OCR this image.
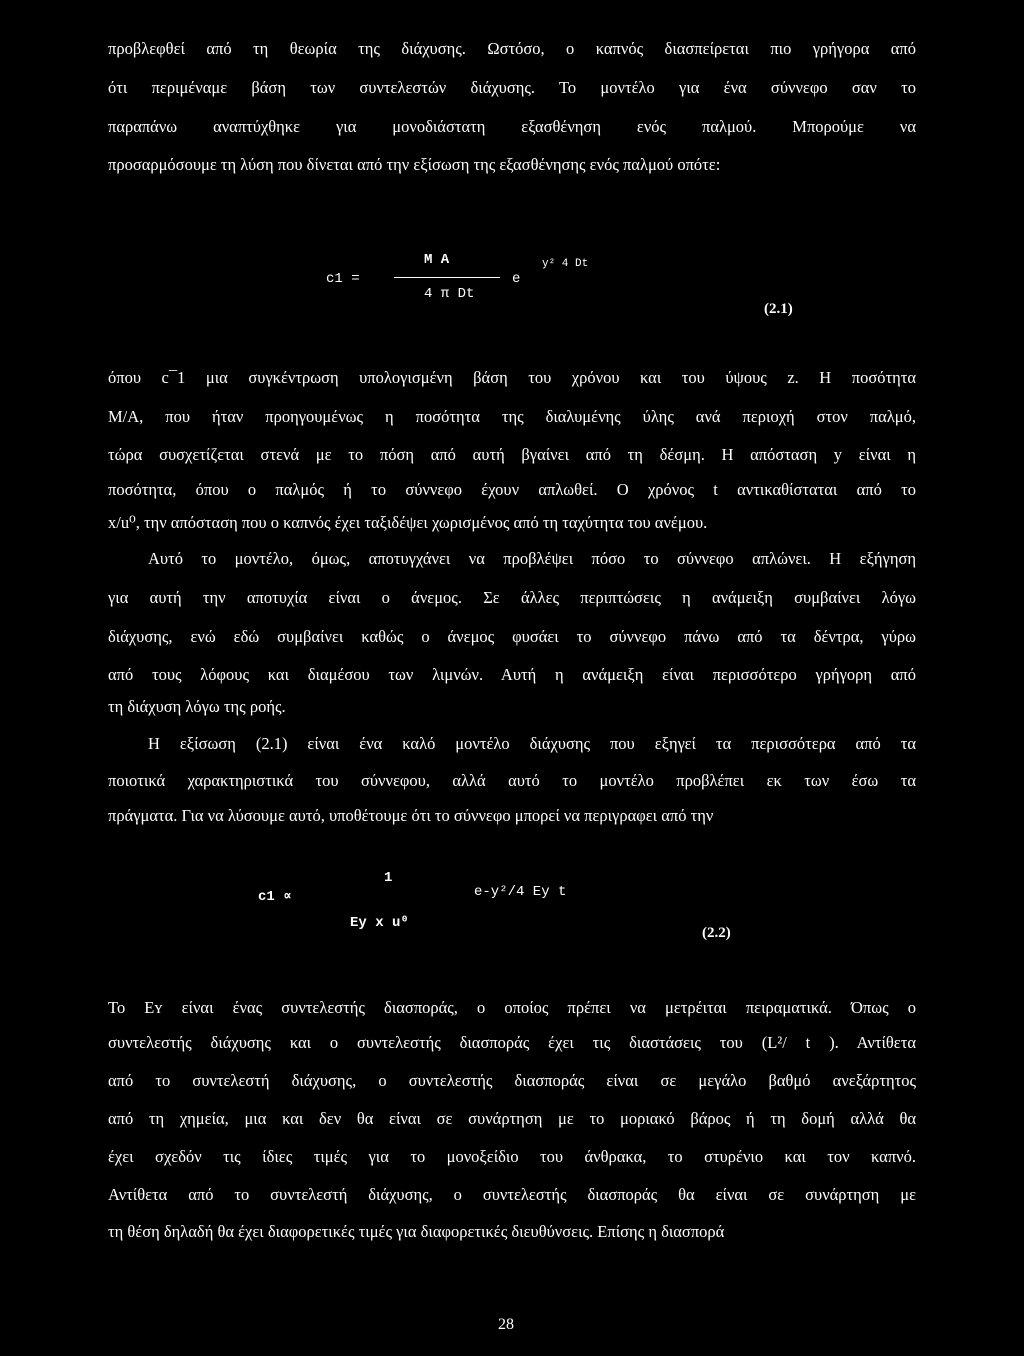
προβλεφθεί από τη θεωρία της διάχυσης. Ωστόσο, ο καπνός διασπείρεται πιο γρήγορα από
ότι περιμέναμε βάση των συντελεστών διάχυσης. Το μοντέλο για ένα σύννεφο σαν το
παραπάνω αναπτύχθηκε για μονοδιάστατη εξασθένηση ενός παλμού. Μπορούμε να
προσαρμόσουμε τη λύση που δίνεται από την εξίσωση της εξασθένησης ενός παλμού οπότε:
c1 =
M A
4 π Dt
e
y² 4 Dt
(2.1)
όπου c¯1 μια συγκέντρωση υπολογισμένη βάση του χρόνου και του ύψους z. Η ποσότητα
Μ/Α, που ήταν προηγουμένως η ποσότητα της διαλυμένης ύλης ανά περιοχή στον παλμό,
τώρα συσχετίζεται στενά με το πόση από αυτή βγαίνει από τη δέσμη. Η απόσταση y είναι η
ποσότητα, όπου ο παλμός ή το σύννεφο έχουν απλωθεί. Ο χρόνος t αντικαθίσταται από το
x/u⁰, την απόσταση που ο καπνός έχει ταξιδέψει χωρισμένος από τη ταχύτητα του ανέμου.
Αυτό το μοντέλο, όμως, αποτυγχάνει να προβλέψει πόσο το σύννεφο απλώνει. Η εξήγηση
για αυτή την αποτυχία είναι ο άνεμος. Σε άλλες περιπτώσεις η ανάμειξη συμβαίνει λόγω
διάχυσης, ενώ εδώ συμβαίνει καθώς ο άνεμος φυσάει το σύννεφο πάνω από τα δέντρα, γύρω
από τους λόφους και διαμέσου των λιμνών. Αυτή η ανάμειξη είναι περισσότερο γρήγορη από
τη διάχυση λόγω της ροής.
Η εξίσωση (2.1) είναι ένα καλό μοντέλο διάχυσης που εξηγεί τα περισσότερα από τα
ποιοτικά χαρακτηριστικά του σύννεφου, αλλά αυτό το μοντέλο προβλέπει εκ των έσω τα
πράγματα. Για να λύσουμε αυτό, υποθέτουμε ότι το σύννεφο μπορεί να περιγραφει από την
c1 ∝
1
Ey x u⁰
e-y²/4 Ey t
(2.2)
Το Eʏ είναι ένας συντελεστής διασποράς, ο οποίος πρέπει να μετρέιται πειραματικά. Όπως ο
συντελεστής διάχυσης και ο συντελεστής διασποράς έχει τις διαστάσεις του (L²/ t ). Αντίθετα
από το συντελεστή διάχυσης, ο συντελεστής διασποράς είναι σε μεγάλο βαθμό ανεξάρτητος
από τη χημεία, μια και δεν θα είναι σε συνάρτηση με το μοριακό βάρος ή τη δομή αλλά θα
έχει σχεδόν τις ίδιες τιμές για το μονοξείδιο του άνθρακα, το στυρένιο και τον καπνό.
Αντίθετα από το συντελεστή διάχυσης, ο συντελεστής διασποράς θα είναι σε συνάρτηση με
τη θέση δηλαδή θα έχει διαφορετικές τιμές για διαφορετικές διευθύνσεις. Επίσης η διασπορά
28
